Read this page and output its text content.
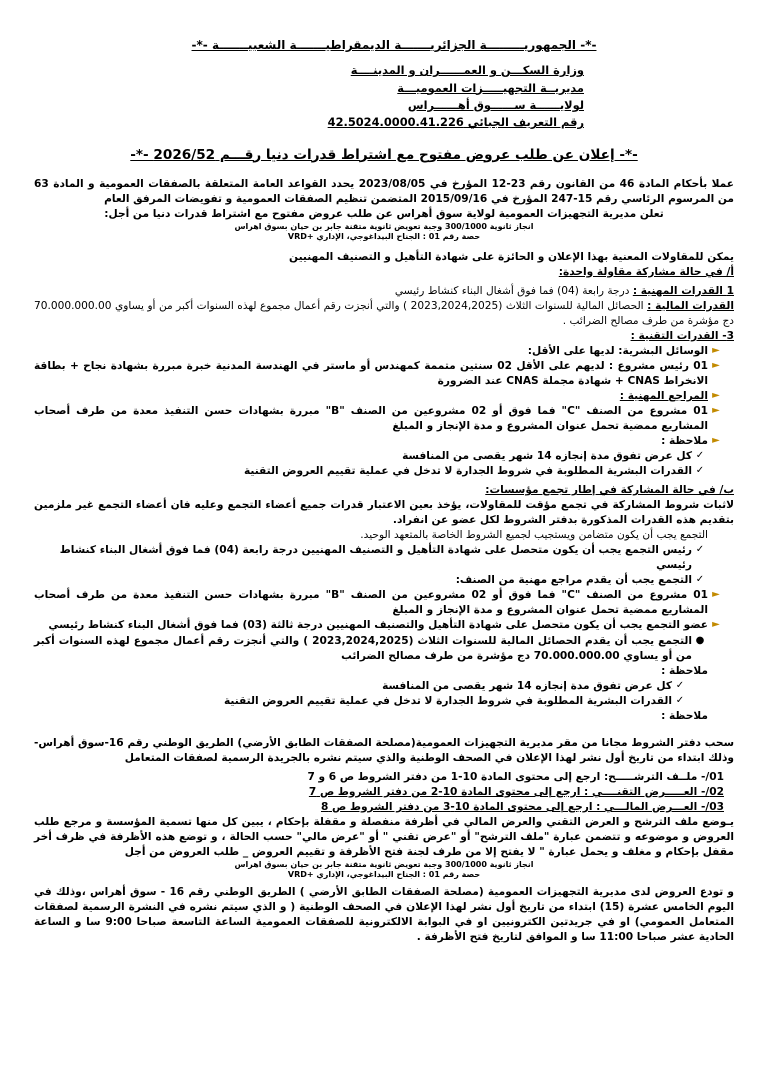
-*- الجمهوريـــــــــة الجزائريـــــــة الديمقراطيـــــــة الشعبيـــــــة -*-
وزارة السكـــن و العمــــــران و المدينــــة
مديريــة التجهيـــــزات العموميـــة
لولايــــــة ســــــوق أهــــــراس
رقم التعريف الجبائي 42.5024.0000.41.226
-*- إعلان عن طلب عروض مفتوح مع اشتراط قدرات دنيا رقـــم 2026/52 -*-

عملا بأحكام المادة 46 من القانون رقم 23-12 المؤرخ في 2023/08/05 يحدد القواعد العامة المتعلقة بالصفقات العمومية و المادة 63 من المرسوم الرئاسي رقم 15-247 المؤرخ في 2015/09/16 المتضمن تنظيم الصفقات العمومية و تفويضات المرفق العام

تعلن مديرية التجهيزات العمومية لولاية سوق أهراس عن طلب عروض مفتوح مع اشتراط قدرات دنيا من أجل:

انجاز ثانوية 300/1000 وجبة تعويض ثانوية متقنة جابر بن حيان بسوق اهراس
حصة رقم 01 : الجناح البيداغوجي، الإداري +VRD

يمكن للمقاولات المعنية بهذا الإعلان و الحائزة على شهادة التأهيل و التصنيف المهنيين

أ/ في حالة مشاركة مقاولة واحدة:

1 القدرات المهنية : درجة رابعة (04) فما فوق أشغال البناء كنشاط رئيسي

القدرات المالية : الحصائل المالية للسنوات الثلاث (2023,2024,2025 ) والتي أنجزت رقم أعمال مجموع لهذه السنوات أكبر من أو يساوي 70.000.000.00 دج مؤشرة من طرف مصالح الضرائب .

3- القدرات التقنية :

►
الوسائل البشرية: لديها على الأقل:
►
01 رئيس مشروع : لديهم على الأقل 02 سنتين متممة كمهندس أو ماستر في الهندسة المدنية خبرة مبررة بشهادة نجاح + بطاقة الانخراط CNAS + شهادة مجملة CNAS عند الضرورة
►
المراجع المهنية :
►
01 مشروع من الصنف "C" فما فوق أو 02 مشروعين من الصنف "B" مبررة بشهادات حسن التنفيذ معدة من طرف أصحاب المشاريع ممضية تحمل عنوان المشروع و مدة الإنجاز و المبلغ
►
ملاحظة :
✓
كل عرض تفوق مدة إنجازه 14 شهر يقصى من المنافسة
✓
القدرات البشرية المطلوبة في شروط الجدارة لا تدخل في عملية تقييم العروض التقنية

ب/ في حالة المشاركة في إطار تجمع مؤسسات:

لاثبات شروط المشاركة في تجمع مؤقت للمقاولات، يؤخذ بعين الاعتبار قدرات جميع أعضاء التجمع وعليه فان أعضاء التجمع غير ملزمين بتقديم هذه القدرات المذكورة بدفتر الشروط لكل عضو عن انفراد.

التجمع يجب أن يكون متضامن ويستجيب لجميع الشروط الخاصة بالمتعهد الوحيد.

✓
رئيس التجمع يجب أن يكون متحصل على شهادة التأهيل و التصنيف المهنيين درجة رابعة (04) فما فوق أشغال البناء كنشاط رئيسي
✓
التجمع يجب أن يقدم مراجع مهنية من الصنف:
►
01 مشروع من الصنف "C" فما فوق أو 02 مشروعين من الصنف "B" مبررة بشهادات حسن التنفيذ معدة من طرف أصحاب المشاريع ممضية تحمل عنوان المشروع و مدة الإنجاز و المبلغ
►
عضو التجمع يجب أن يكون متحصل على شهادة التأهيل والتصنيف المهنيين درجة ثالثة (03) فما فوق أشغال البناء كنشاط رئيسي
●
التجمع يجب أن يقدم الحصائل المالية للسنوات الثلاث (2023,2024,2025 ) والتي أنجزت رقم أعمال مجموع لهذه السنوات أكبر من أو يساوي 70.000.000.00 دج مؤشرة من طرف مصالح الضرائب

ملاحظة :

✓
كل عرض تفوق مدة إنجازه 14 شهر يقصى من المنافسة
✓
القدرات البشرية المطلوبة في شروط الجدارة لا تدخل في عملية تقييم العروض التقنية

ملاحظة :

سحب دفتر الشروط مجانا من مقر مديرية التجهيزات العمومية(مصلحة الصفقات الطابق الأرضي) الطريق الوطني رقم 16-سوق أهراس-وذلك ابتداء من تاريخ أول نشر لهذا الإعلان في الصحف الوطنية والذي سيتم نشره بالجريدة الرسمية لصفقات المتعامل

01/- ملــف الترشـــــح: ارجع إلى محتوى المادة 10-1 من دفتر الشروط ص 6 و 7

02/- العـــــرض التقنــــي : ارجع إلى محتوى المادة 10-2 من دفتر الشروط ص 7

03/- العـــرض المالـــي : ارجع إلى محتوى المادة 10-3 من دفتر الشروط ص 8

يـوضع ملف الترشح و العرض التقني والعرض المالي في أظرفة منفصلة و مقفلة بإحكام ، يبين كل منها تسمية المؤسسة و مرجع طلب العروض و موضوعه و تتضمن عبارة "ملف الترشح" أو "عرض تقني " أو "عرض مالي" حسب الحالة ، و توضع هذه الأظرفة في ظرف أخر مقفل بإحكام و مغلف و يحمل عبارة " لا يفتح إلا من طرف لجنة فتح الأظرفة و تقييم العروض _ طلب العروض من أجل

انجاز ثانوية 300/1000 وجبة تعويض ثانوية متقنة جابر بن حيان بسوق اهراس
حصة رقم 01 : الجناح البيداغوجي، الإداري +VRD

و تودع العروض لدى مديرية التجهيزات العمومية (مصلحة الصفقات الطابق الأرضي ) الطريق الوطني رقم 16 - سوق أهراس ،وذلك في اليوم الخامس عشرة (15) ابتداء من تاريخ أول نشر لهذا الإعلان في الصحف الوطنية ( و الذي سيتم نشره في النشرة الرسمية لصفقات المتعامل العمومي) او في جريدتين الكترونيين او في البوابة الالكترونية للصفقات العمومية الساعة التاسعة صباحا 9:00 سا و الساعة الحادية عشر صباحا 11:00 سا و الموافق لتاريخ فتح الأظرفة .
